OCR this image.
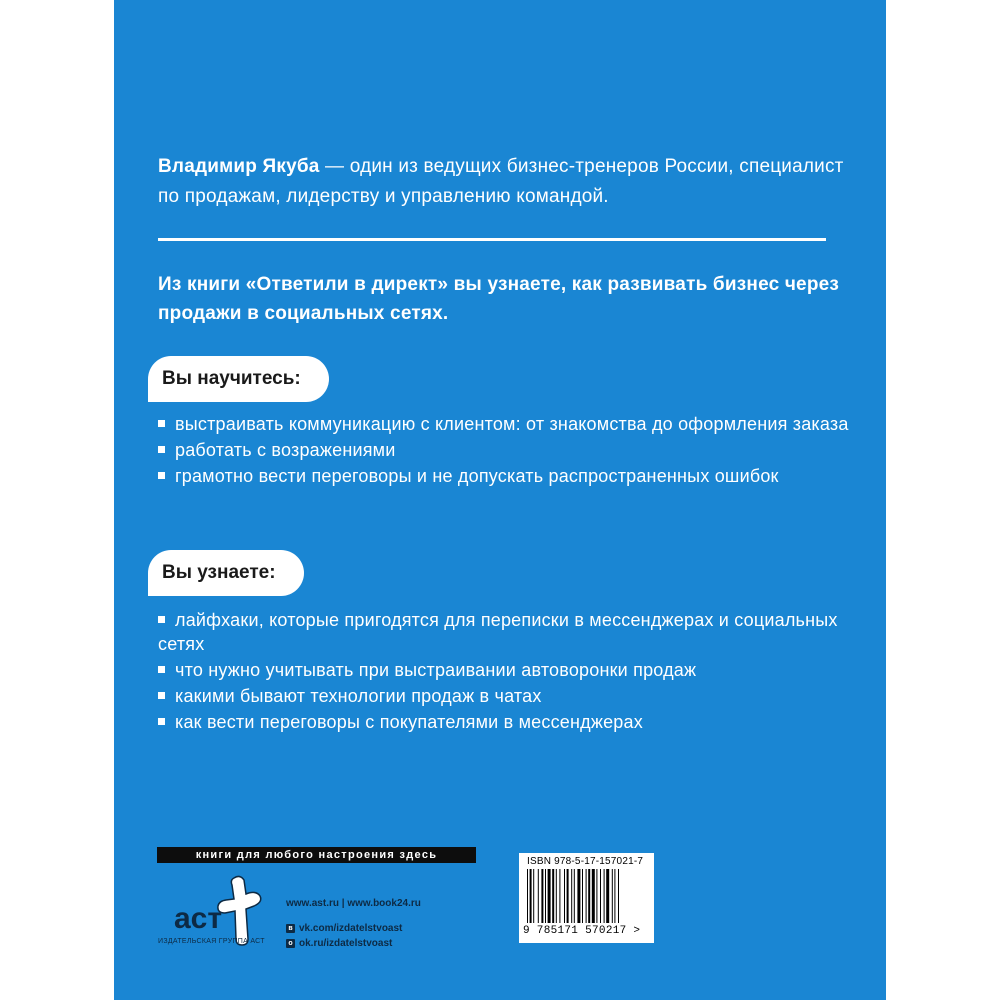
Владимир Якуба — один из ведущих бизнес-тренеров России, специалист по продажам, лидерству и управлению командой.
Из книги «Ответили в директ» вы узнаете, как развивать бизнес через продажи в социальных сетях.
Вы научитесь:
выстраивать коммуникацию с клиентом: от знакомства до оформления заказа
работать с возражениями
грамотно вести переговоры и не допускать распространенных ошибок
Вы узнаете:
лайфхаки, которые пригодятся для переписки в мессенджерах и социальных сетях
что нужно учитывать при выстраивании автоворонки продаж
какими бывают технологии продаж в чатах
как вести переговоры с покупателями в мессенджерах
книги для любого настроения здесь
аст
ИЗДАТЕЛЬСКАЯ ГРУППА АСТ
www.ast.ru | www.book24.ru
в vk.com/izdatelstvoast
о ok.ru/izdatelstvoast
ISBN 978-5-17-157021-7
9 785171 570217 >
